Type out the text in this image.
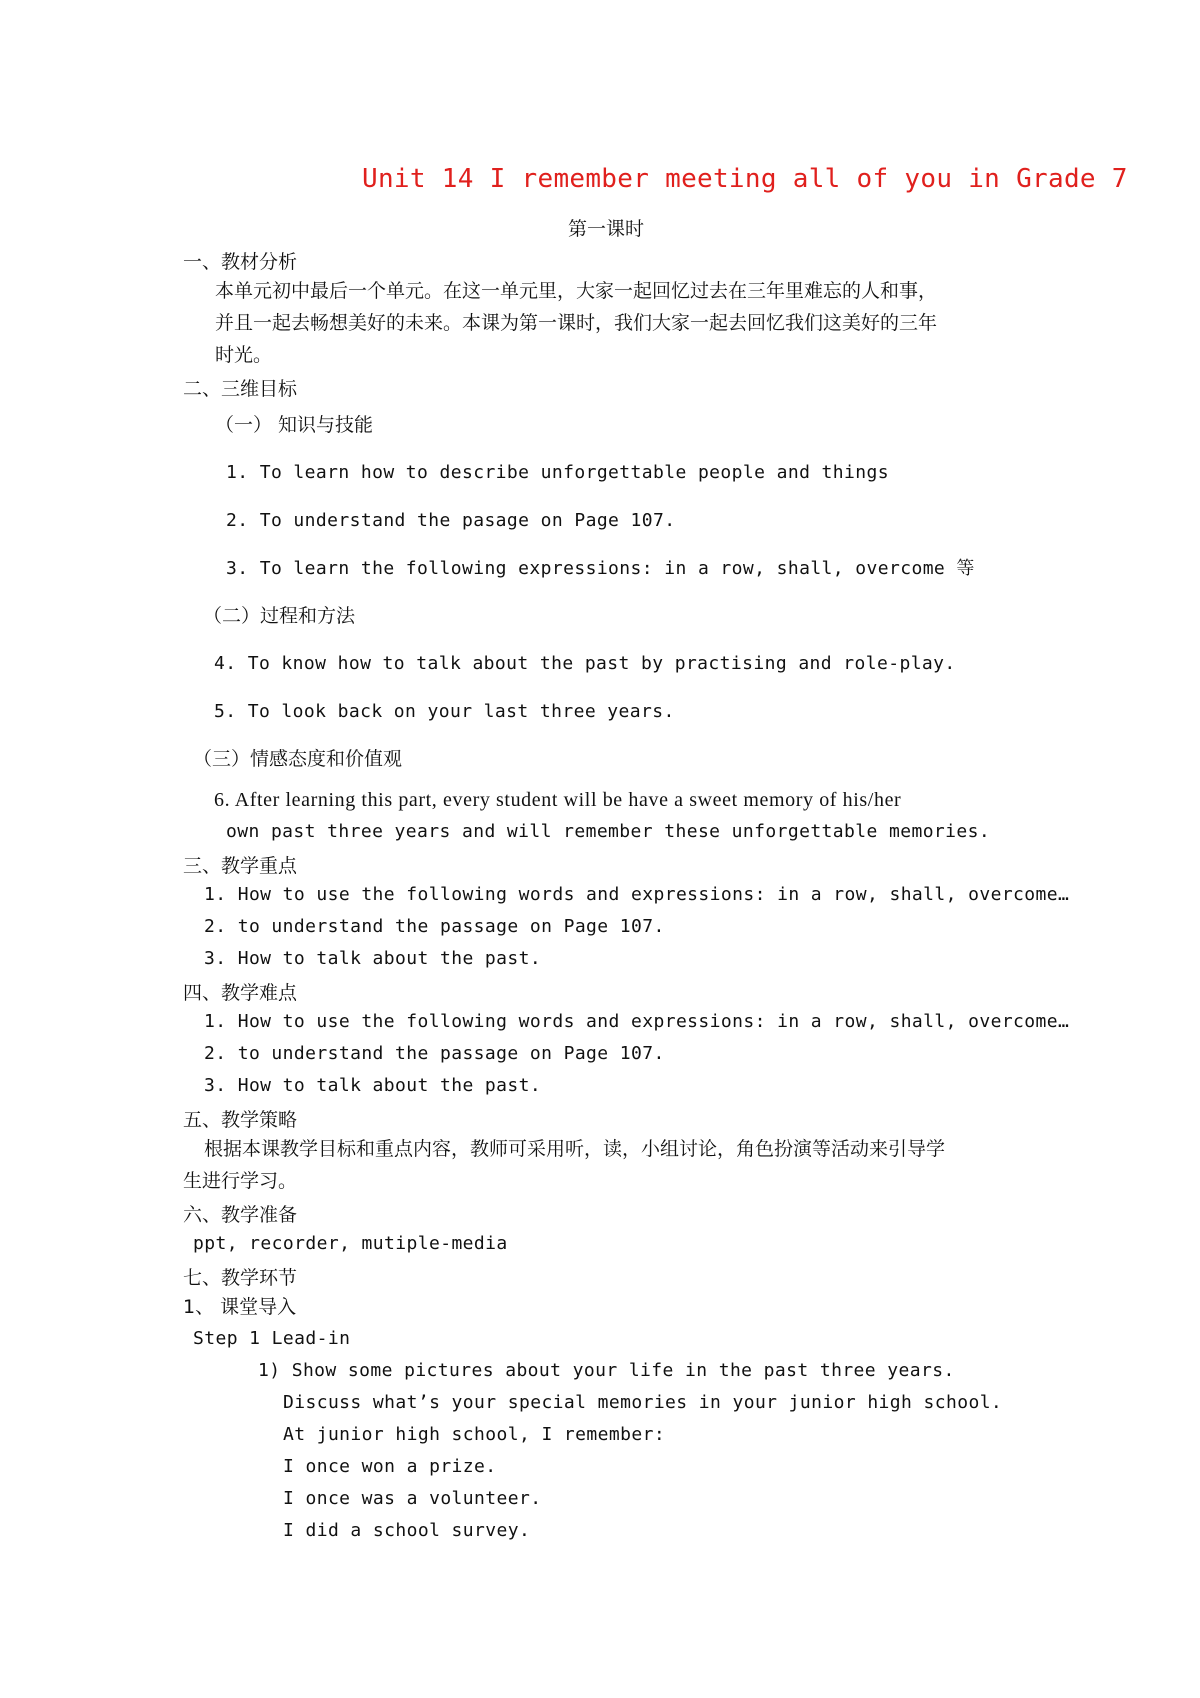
Unit 14 I remember meeting all of you in Grade 7
第一课时
一、教材分析
本单元初中最后一个单元。在这一单元里，大家一起回忆过去在三年里难忘的人和事，
并且一起去畅想美好的未来。本课为第一课时，我们大家一起去回忆我们这美好的三年
时光。
二、三维目标
（一） 知识与技能
1. To learn how to describe unforgettable people and things
2. To understand the pasage on Page 107.
3. To learn the following expressions: in a row, shall, overcome 等
（二）过程和方法
4. To know how to talk about the past by practising and role-play.
5. To look back on your last three years.
（三）情感态度和价值观
6. After learning this part, every student will be have a sweet memory of his/her
own past three years and will remember these unforgettable memories.
三、教学重点
1. How to use the following words and expressions: in a row, shall, overcome…
2. to understand the passage on Page 107.
3. How to talk about the past.
四、教学难点
1. How to use the following words and expressions: in a row, shall, overcome…
2. to understand the passage on Page 107.
3. How to talk about the past.
五、教学策略
根据本课教学目标和重点内容，教师可采用听，读，小组讨论，角色扮演等活动来引导学
生进行学习。
六、教学准备
ppt, recorder, mutiple-media
七、教学环节
1、 课堂导入
Step 1 Lead-in
1) Show some pictures about your life in the past three years.
Discuss what’s your special memories in your junior high school.
At junior high school, I remember:
I once won a prize.
I once was a volunteer.
I did a school survey.
